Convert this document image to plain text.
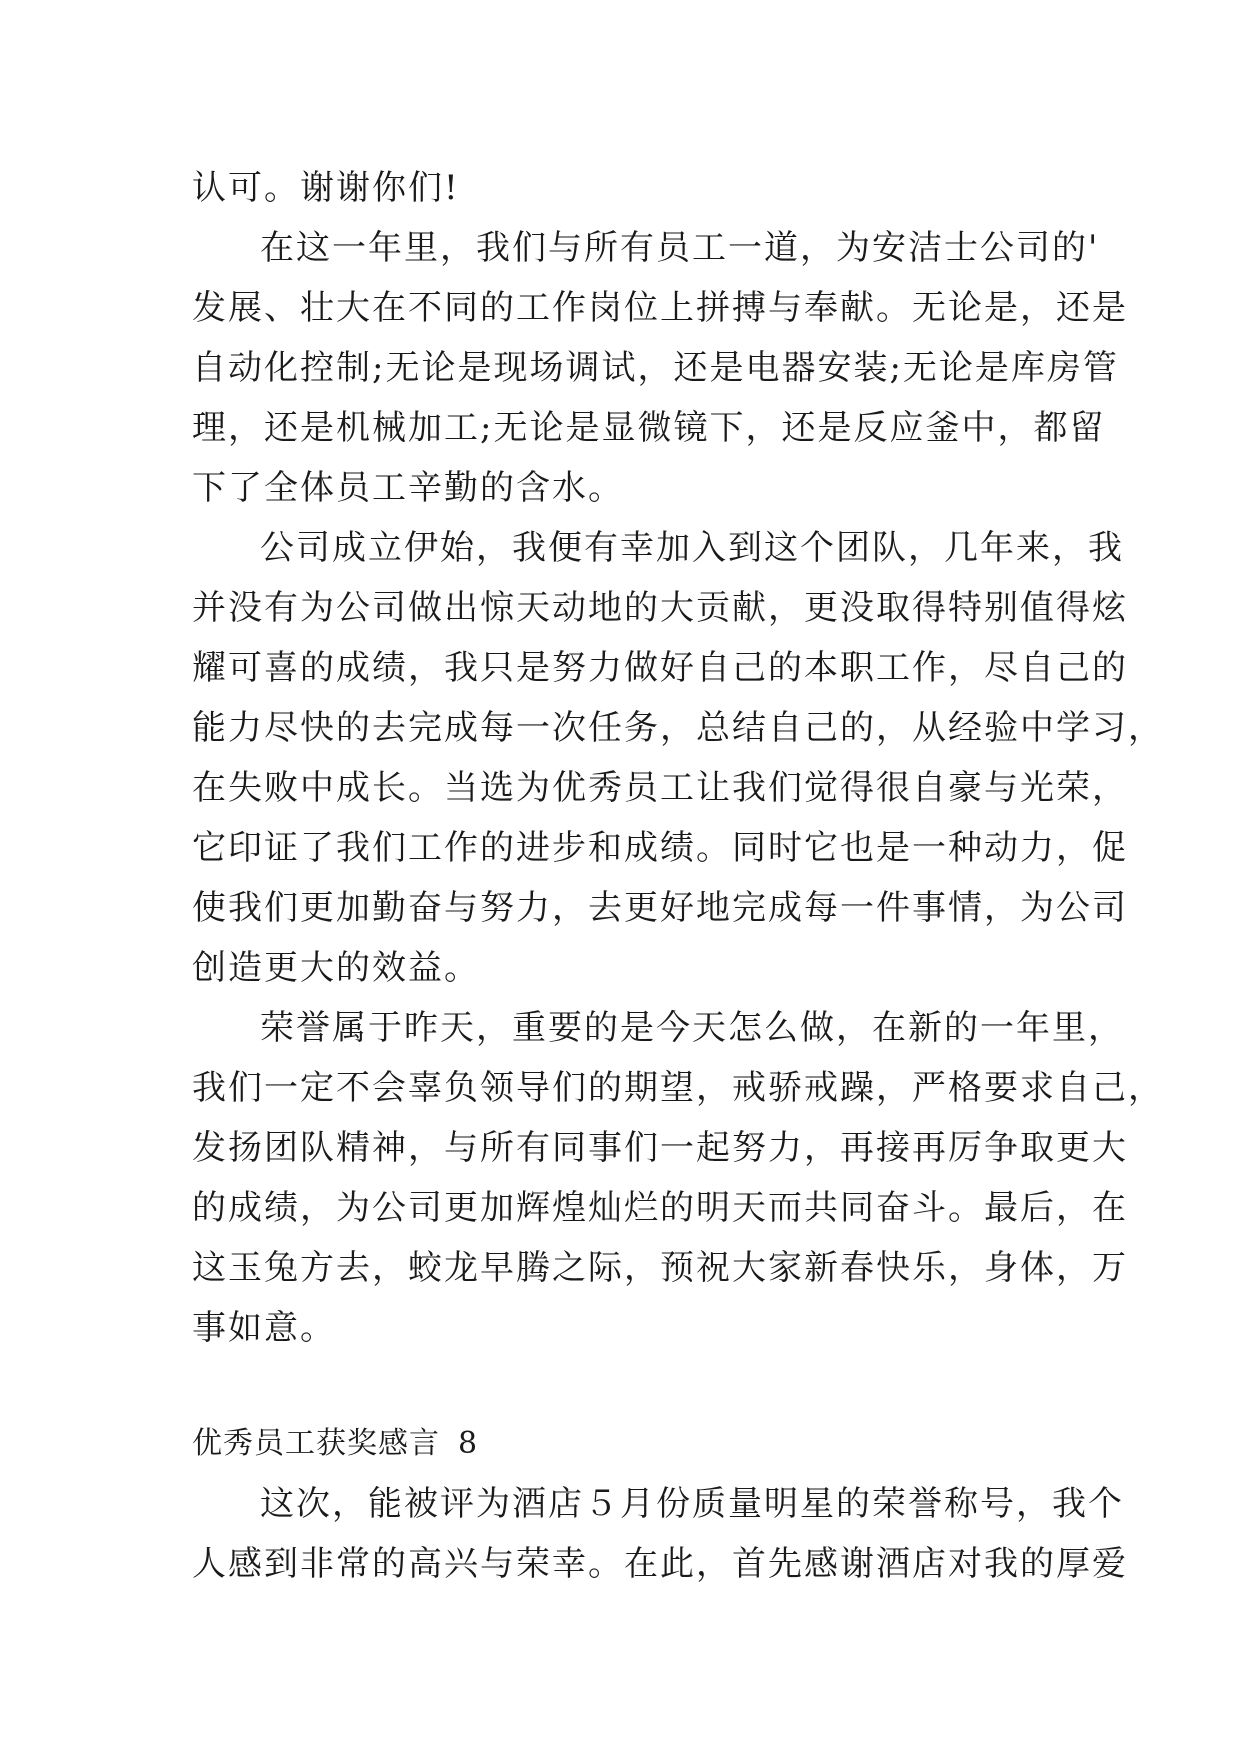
认可。谢谢你们!
在这一年里，我们与所有员工一道，为安洁士公司的'
发展、壮大在不同的工作岗位上拼搏与奉献。无论是，还是
自动化控制;无论是现场调试，还是电器安装;无论是库房管
理，还是机械加工;无论是显微镜下，还是反应釜中，都留
下了全体员工辛勤的含水。
公司成立伊始，我便有幸加入到这个团队，几年来，我
并没有为公司做出惊天动地的大贡献，更没取得特别值得炫
耀可喜的成绩，我只是努力做好自己的本职工作，尽自己的
能力尽快的去完成每一次任务，总结自己的，从经验中学习，
在失败中成长。当选为优秀员工让我们觉得很自豪与光荣，
它印证了我们工作的进步和成绩。同时它也是一种动力，促
使我们更加勤奋与努力，去更好地完成每一件事情，为公司
创造更大的效益。
荣誉属于昨天，重要的是今天怎么做，在新的一年里，
我们一定不会辜负领导们的期望，戒骄戒躁，严格要求自己，
发扬团队精神，与所有同事们一起努力，再接再厉争取更大
的成绩，为公司更加辉煌灿烂的明天而共同奋斗。最后，在
这玉兔方去，蛟龙早腾之际，预祝大家新春快乐，身体，万
事如意。
优秀员工获奖感言 8
这次，能被评为酒店５月份质量明星的荣誉称号，我个
人感到非常的高兴与荣幸。在此，首先感谢酒店对我的厚爱
